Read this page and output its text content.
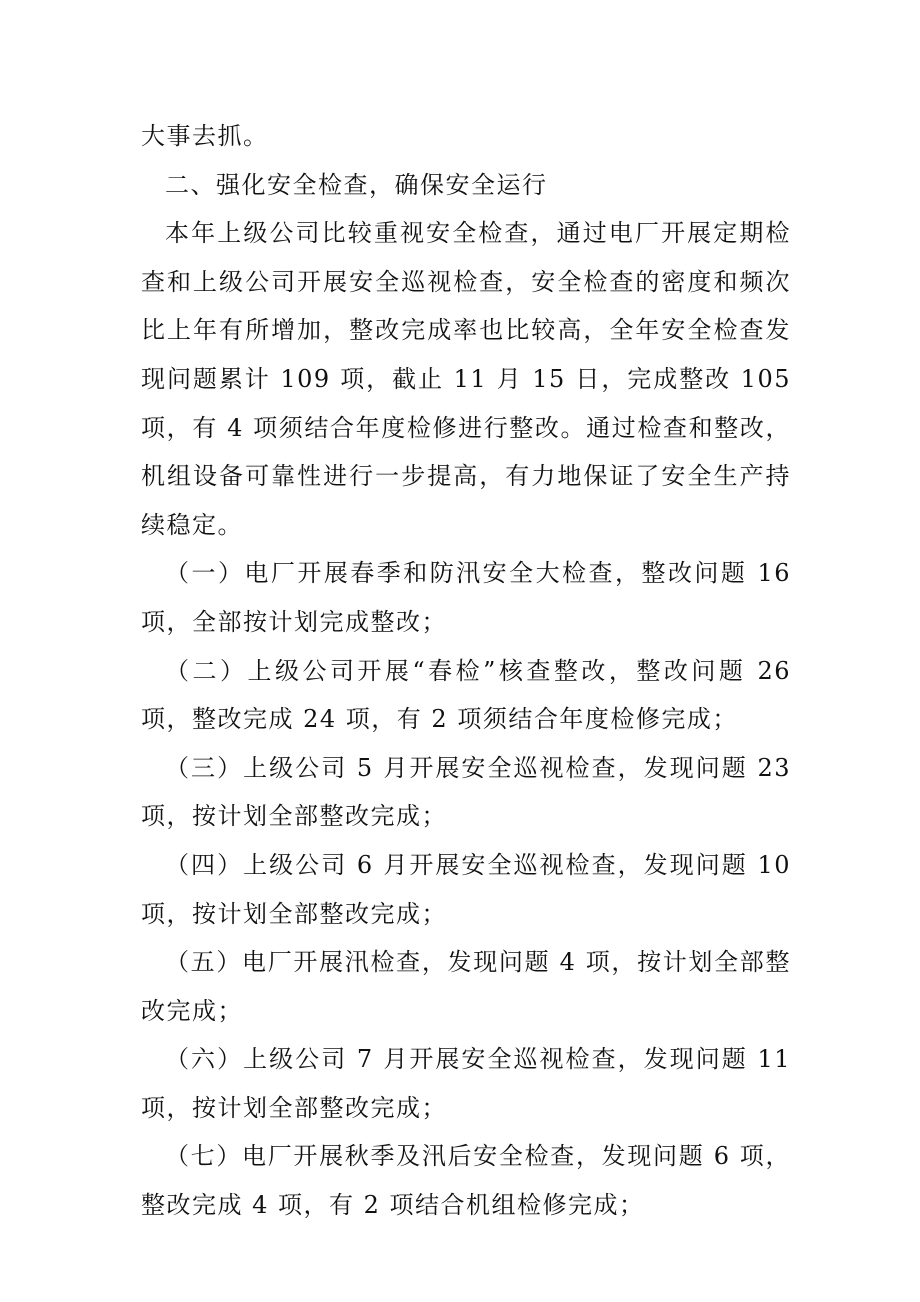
大事去抓。

二、强化安全检查，确保安全运行

本年上级公司比较重视安全检查，通过电厂开展定期检查和上级公司开展安全巡视检查，安全检查的密度和频次比上年有所增加，整改完成率也比较高，全年安全检查发现问题累计 109 项，截止 11 月 15 日，完成整改 105 项，有 4 项须结合年度检修进行整改。通过检查和整改，机组设备可靠性进行一步提高，有力地保证了安全生产持续稳定。

（一）电厂开展春季和防汛安全大检查，整改问题 16 项，全部按计划完成整改；

（二）上级公司开展“春检”核查整改，整改问题 26 项，整改完成 24 项，有 2 项须结合年度检修完成；

（三）上级公司 5 月开展安全巡视检查，发现问题 23 项，按计划全部整改完成；

（四）上级公司 6 月开展安全巡视检查，发现问题 10 项，按计划全部整改完成；

（五）电厂开展汛检查，发现问题 4 项，按计划全部整改完成；

（六）上级公司 7 月开展安全巡视检查，发现问题 11 项，按计划全部整改完成；

（七）电厂开展秋季及汛后安全检查，发现问题 6 项，整改完成 4 项，有 2 项结合机组检修完成；
